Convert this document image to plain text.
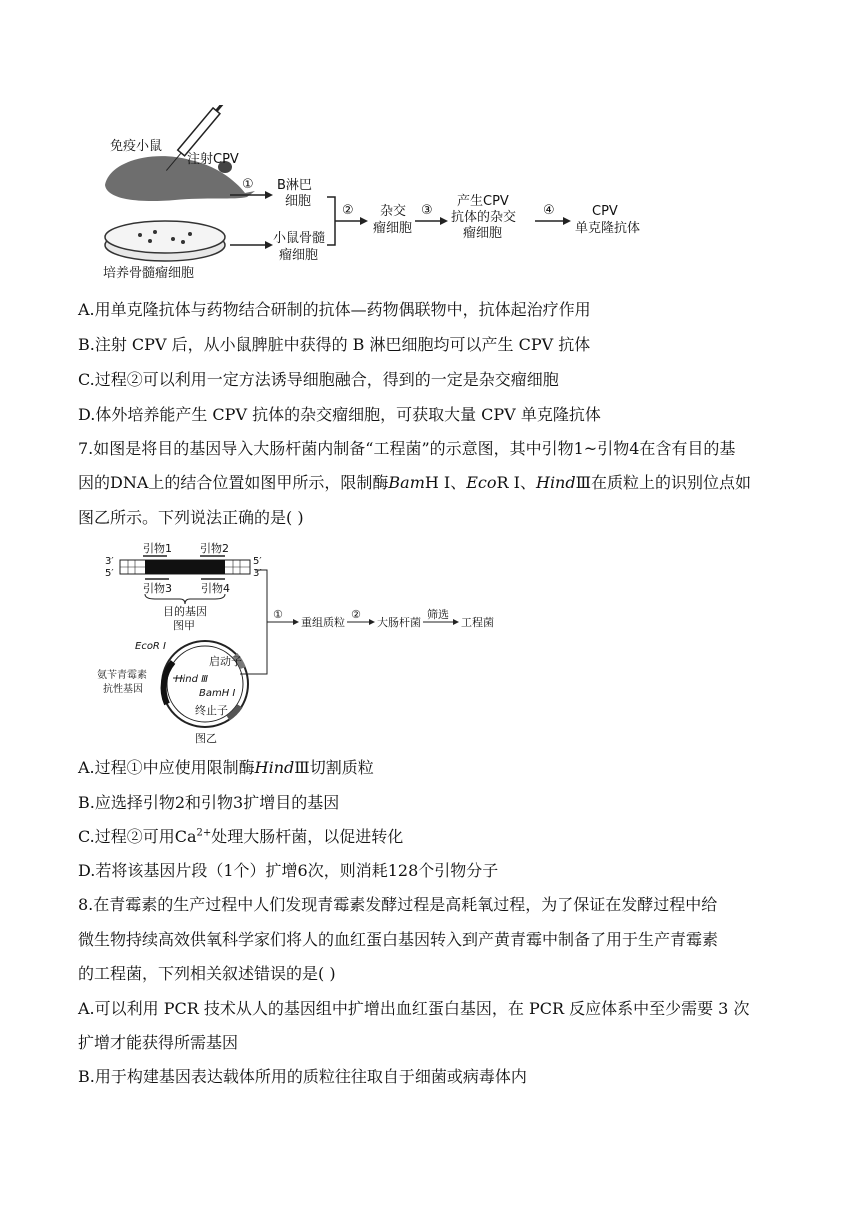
免疫小鼠
注射CPV
培养骨髓瘤细胞
① B淋巴
细胞
小鼠骨髓
瘤细胞
② 杂交
瘤细胞
③
产生CPV
抗体的杂交
瘤细胞
④	CPV
单克隆抗体
A.用单克隆抗体与药物结合研制的抗体—药物偶联物中，抗体起治疗作用
B.注射 CPV 后，从小鼠脾脏中获得的 B 淋巴细胞均可以产生 CPV 抗体
C.过程②可以利用一定方法诱导细胞融合，得到的一定是杂交瘤细胞
D.体外培养能产生 CPV 抗体的杂交瘤细胞，可获取大量 CPV 单克隆抗体
7.如图是将目的基因导入大肠杆菌内制备“工程菌”的示意图，其中引物1~引物4在含有目的基
因的DNA上的结合位置如图甲所示，限制酶BamH I、EcoR I、HindⅢ在质粒上的识别位点如
图乙所示。下列说法正确的是( )
3′
5′
5′
3′
引物1	引物2
引物3	引物4
目的基因
图甲
①
重组质粒
②
大肠杆菌
筛选
工程菌
EcoR I
启动子
Hind Ⅲ
BamH I
终止子
氨苄青霉素
抗性基因
图乙
A.过程①中应使用限制酶HindⅢ切割质粒
B.应选择引物2和引物3扩增目的基因
C.过程②可用$Ca^{2+}$处理大肠杆菌，以促进转化
D.若将该基因片段（1个）扩增6次，则消耗128个引物分子
8.在青霉素的生产过程中人们发现青霉素发酵过程是高耗氧过程，为了保证在发酵过程中给
微生物持续高效供氧科学家们将人的血红蛋白基因转入到产黄青霉中制备了用于生产青霉素
的工程菌，下列相关叙述错误的是( )
A.可以利用 PCR 技术从人的基因组中扩增出血红蛋白基因，在 PCR 反应体系中至少需要 3 次
扩增才能获得所需基因
B.用于构建基因表达载体所用的质粒往往取自于细菌或病毒体内
